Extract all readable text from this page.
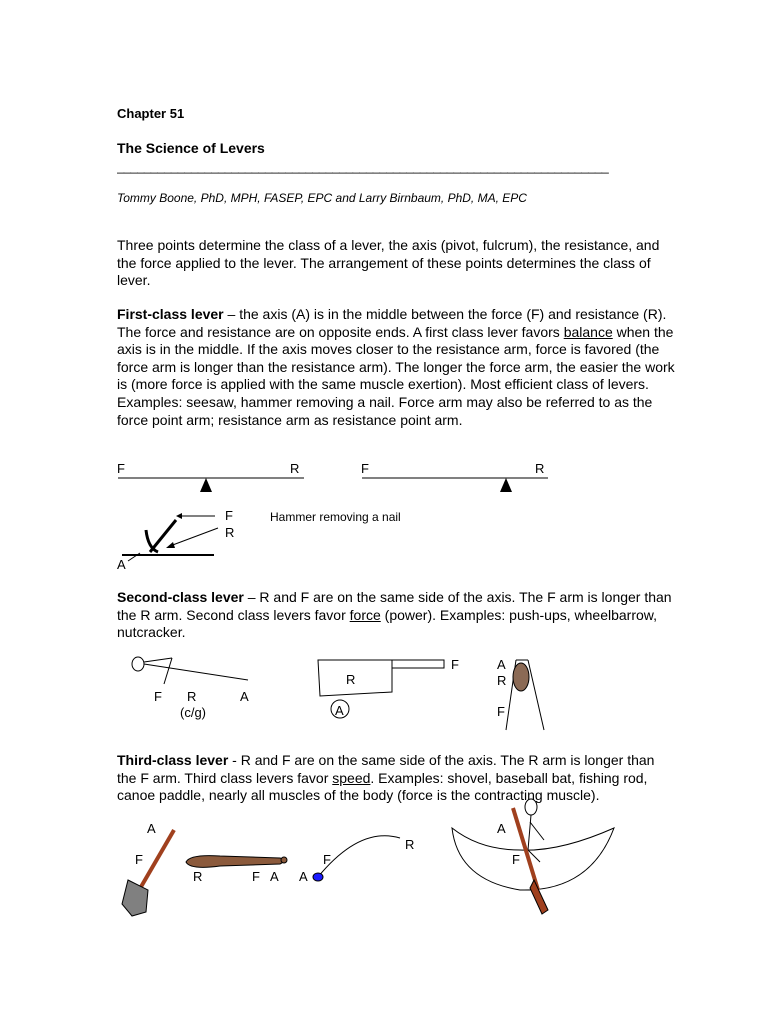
Chapter 51
The Science of Levers
_________________________________________________________________________
Tommy Boone, PhD, MPH, FASEP, EPC and Larry Birnbaum, PhD, MA, EPC
Three points determine the class of a lever, the axis (pivot, fulcrum), the resistance, and the force applied to the lever. The arrangement of these points determines the class of lever.
First-class lever – the axis (A) is in the middle between the force (F) and resistance (R). The force and resistance are on opposite ends. A first class lever favors balance when the axis is in the middle. If the axis moves closer to the resistance arm, force is favored (the force arm is longer than the resistance arm). The longer the force arm, the easier the work is (more force is applied with the same muscle exertion). Most efficient class of levers. Examples: seesaw, hammer removing a nail. Force arm may also be referred to as the force point arm; resistance arm as resistance point arm.
Second-class lever – R and F are on the same side of the axis. The F arm is longer than the R arm. Second class levers favor force (power). Examples: push-ups, wheelbarrow, nutcracker.
Third-class lever - R and F are on the same side of the axis. The R arm is longer than the F arm. Third class levers favor speed. Examples: shovel, baseball bat, fishing rod, canoe paddle, nearly all muscles of the body (force is the contracting muscle).
F	R	F	R
F
R
A
Hammer removing a nail
F R	A
(c/g)
R
F
A
A
R
F
A
F
R	F A
F
A
R
A
F
